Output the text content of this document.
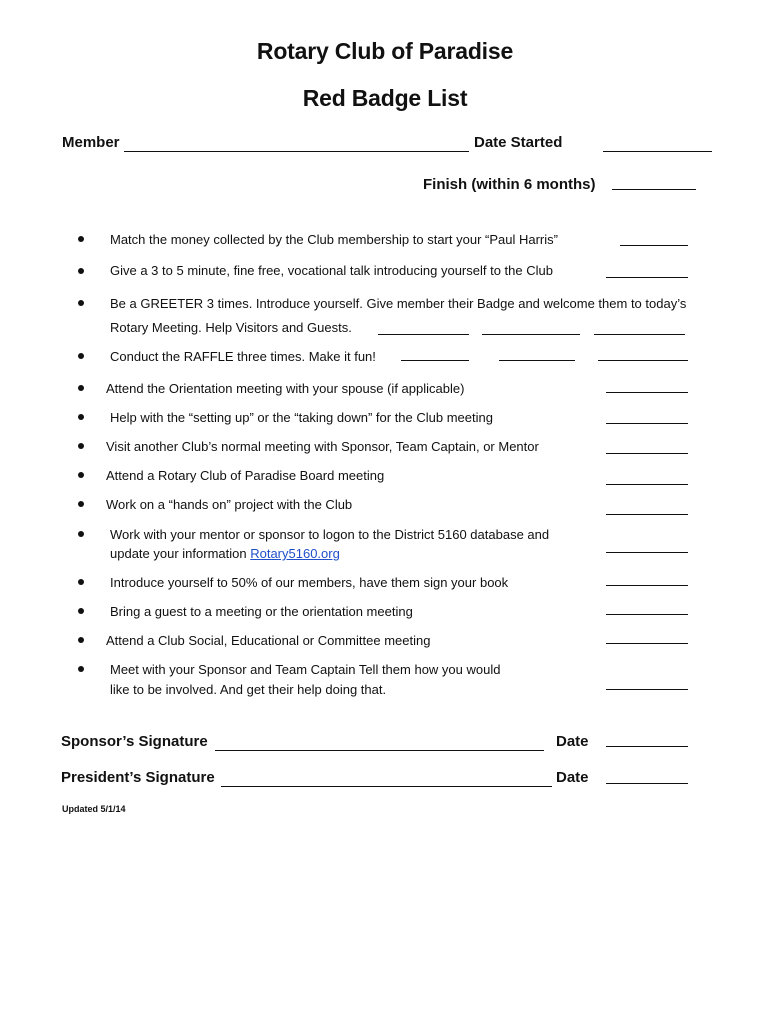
Rotary Club of Paradise
Red Badge List
Member	Date Started
Finish (within 6 months)
Match the money collected by the Club membership to start your “Paul Harris”
Give a 3 to 5 minute, fine free, vocational talk introducing yourself to the Club
Be a GREETER 3 times. Introduce yourself. Give member their Badge and welcome them to today’s
Rotary Meeting. Help Visitors and Guests.
Conduct the RAFFLE three times. Make it fun!
Attend the Orientation meeting with your spouse (if applicable)
Help with the “setting up” or the “taking down” for the Club meeting
Visit another Club’s normal meeting with Sponsor, Team Captain, or Mentor
Attend a Rotary Club of Paradise Board meeting
Work on a “hands on” project with the Club
Work with your mentor or sponsor to logon to the District 5160 database and
update your information Rotary5160.org
Introduce yourself to 50% of our members, have them sign your book
Bring a guest to a meeting or the orientation meeting
Attend a Club Social, Educational or Committee meeting
Meet with your Sponsor and Team Captain Tell them how you would
like to be involved. And get their help doing that.
Sponsor’s Signature	Date
President’s Signature	Date
Updated 5/1/14
